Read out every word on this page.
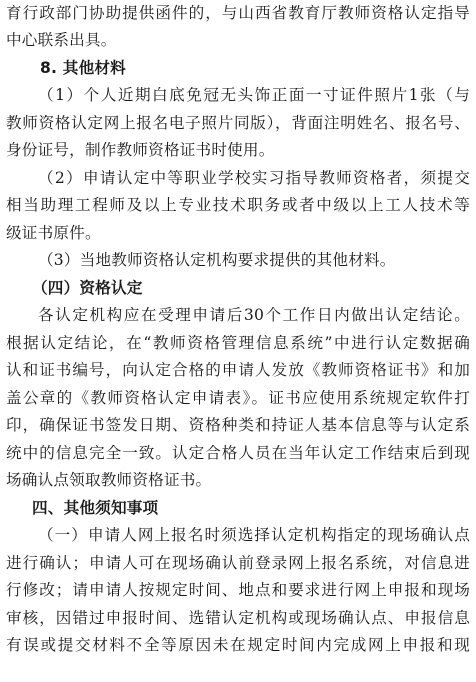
育行政部门协助提供函件的，与山西省教育厅教师资格认定指导
中心联系出具。
8. 其他材料
（1）个人近期白底免冠无头饰正面一寸证件照片1张（与
教师资格认定网上报名电子照片同版），背面注明姓名、报名号、
身份证号，制作教师资格证书时使用。
（2）申请认定中等职业学校实习指导教师资格者，须提交
相当助理工程师及以上专业技术职务或者中级以上工人技术等
级证书原件。
（3）当地教师资格认定机构要求提供的其他材料。
（四）资格认定
各认定机构应在受理申请后30个工作日内做出认定结论。
根据认定结论，在“教师资格管理信息系统”中进行认定数据确
认和证书编号，向认定合格的申请人发放《教师资格证书》和加
盖公章的《教师资格认定申请表》。证书应使用系统规定软件打
印，确保证书签发日期、资格种类和持证人基本信息等与认定系
统中的信息完全一致。认定合格人员在当年认定工作结束后到现
场确认点领取教师资格证书。
四、其他须知事项
（一）申请人网上报名时须选择认定机构指定的现场确认点
进行确认；申请人可在现场确认前登录网上报名系统，对信息进
行修改；请申请人按规定时间、地点和要求进行网上申报和现场
审核，因错过申报时间、选错认定机构或现场确认点、申报信息
有误或提交材料不全等原因未在规定时间内完成网上申报和现
